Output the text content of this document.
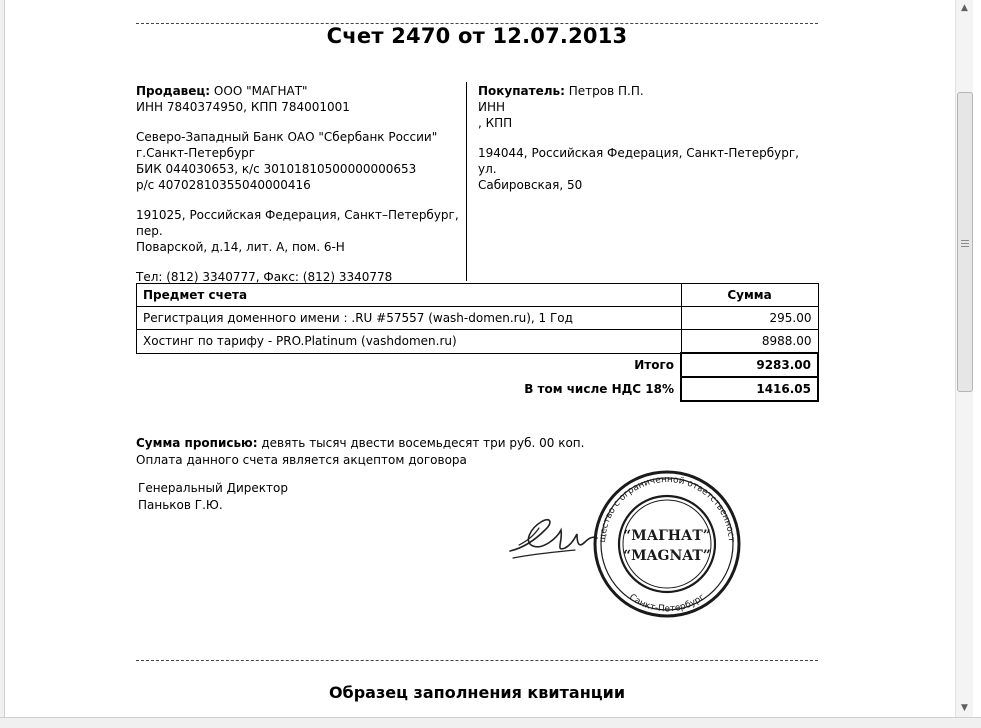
Счет 2470 от 12.07.2013
Продавец: ООО "МАГНАТ"
ИНН 7840374950, КПП 784001001
Северо-Западный Банк ОАО "Сбербанк России"
г.Санкт-Петербург
БИК 044030653, к/с 30101810500000000653
р/с 40702810355040000416
191025, Российская Федерация, Санкт–Петербург, пер.
Поварской, д.14, лит. А, пом. 6-Н
Тел: (812) 3340777, Факс: (812) 3340778
Покупатель: Петров П.П.
ИНН
, КПП
194044, Российская Федерация, Санкт-Петербург, ул.
Сабировская, 50
Предмет счета	Сумма
Регистрация доменного имени : .RU #57557 (wash-domen.ru), 1 Год	295.00
Хостинг по тарифу - PRO.Platinum (vashdomen.ru)	8988.00
Итого	9283.00
В том числе НДС 18%	1416.05
Сумма прописью: девять тысяч двести восемьдесят три руб. 00 коп.
Оплата данного счета является акцептом договора
Генеральный Директор
Паньков Г.Ю.
щество с ограниченной ответственност
Санкт-Петербург
“МАГНАТ”
“MAGNAT”
Образец заполнения квитанции
▲
▼
